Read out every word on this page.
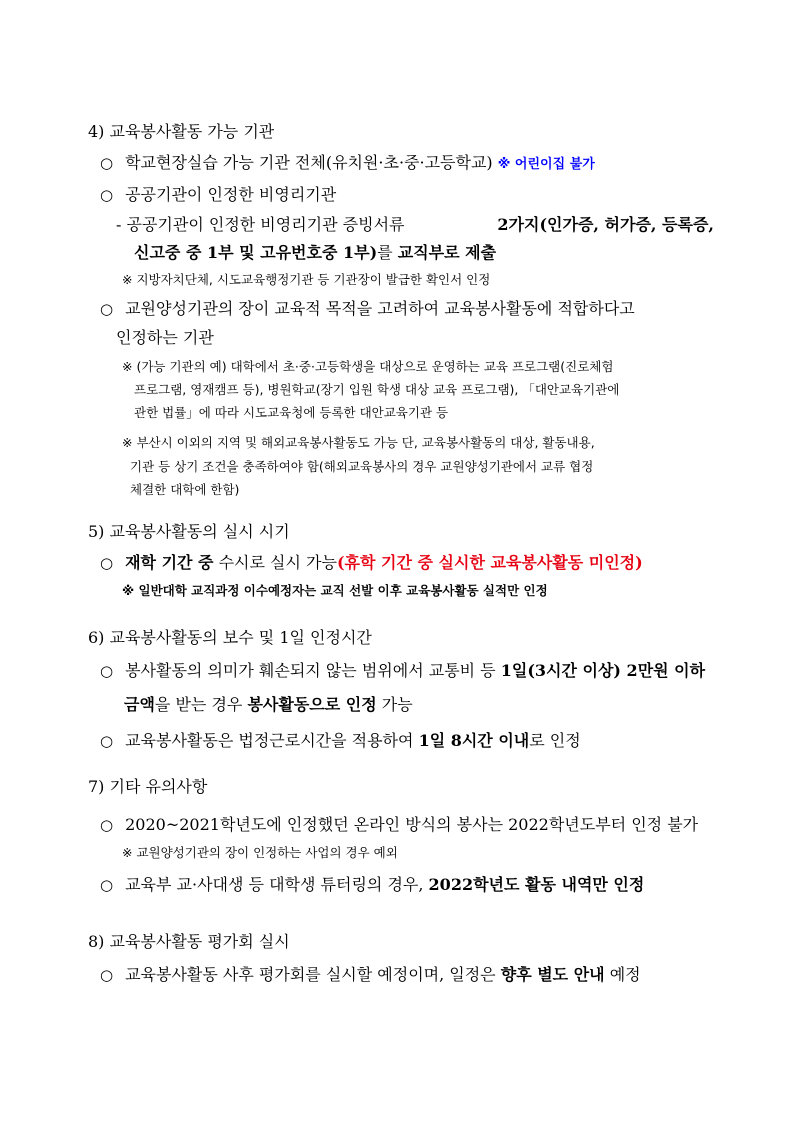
4) 교육봉사활동 가능 기관
○ 학교현장실습 가능 기관 전체(유치원·초·중·고등학교) ※ 어린이집 불가
○ 공공기관이 인정한 비영리기관
- 공공기관이 인정한 비영리기관 증빙서류	2가지(인가증, 허가증, 등록증,
신고중 중 1부 및 고유번호중 1부)를 교직부로 제출
※ 지방자치단체, 시도교육행정기관 등 기관장이 발급한 확인서 인정
○ 교원양성기관의 장이 교육적 목적을 고려하여 교육봉사활동에 적합하다고
인정하는 기관
※ (가능 기관의 예) 대학에서 초·중·고등학생을 대상으로 운영하는 교육 프로그램(진로체험
프로그램, 영재캠프 등), 병원학교(장기 입원 학생 대상 교육 프로그램), 「대안교육기관에
관한 법률」에 따라 시도교육청에 등록한 대안교육기관 등
※ 부산시 이외의 지역 및 해외교육봉사활동도 가능 단, 교육봉사활동의 대상, 활동내용,
기관 등 상기 조건을 충족하여야 함(해외교육봉사의 경우 교원양성기관에서 교류 협정
체결한 대학에 한함)
5) 교육봉사활동의 실시 시기
○ 재학 기간 중 수시로 실시 가능(휴학 기간 중 실시한 교육봉사활동 미인정)
※ 일반대학 교직과정 이수예정자는 교직 선발 이후 교육봉사활동 실적만 인정
6) 교육봉사활동의 보수 및 1일 인정시간
○ 봉사활동의 의미가 훼손되지 않는 범위에서 교통비 등 1일(3시간 이상) 2만원 이하
금액을 받는 경우 봉사활동으로 인정 가능
○ 교육봉사활동은 법정근로시간을 적용하여 1일 8시간 이내로 인정
7) 기타 유의사항
○ 2020~2021학년도에 인정했던 온라인 방식의 봉사는 2022학년도부터 인정 불가
※ 교원양성기관의 장이 인정하는 사업의 경우 예외
○ 교육부 교·사대생 등 대학생 튜터링의 경우, 2022학년도 활동 내역만 인정
8) 교육봉사활동 평가회 실시
○ 교육봉사활동 사후 평가회를 실시할 예정이며, 일정은 향후 별도 안내 예정
